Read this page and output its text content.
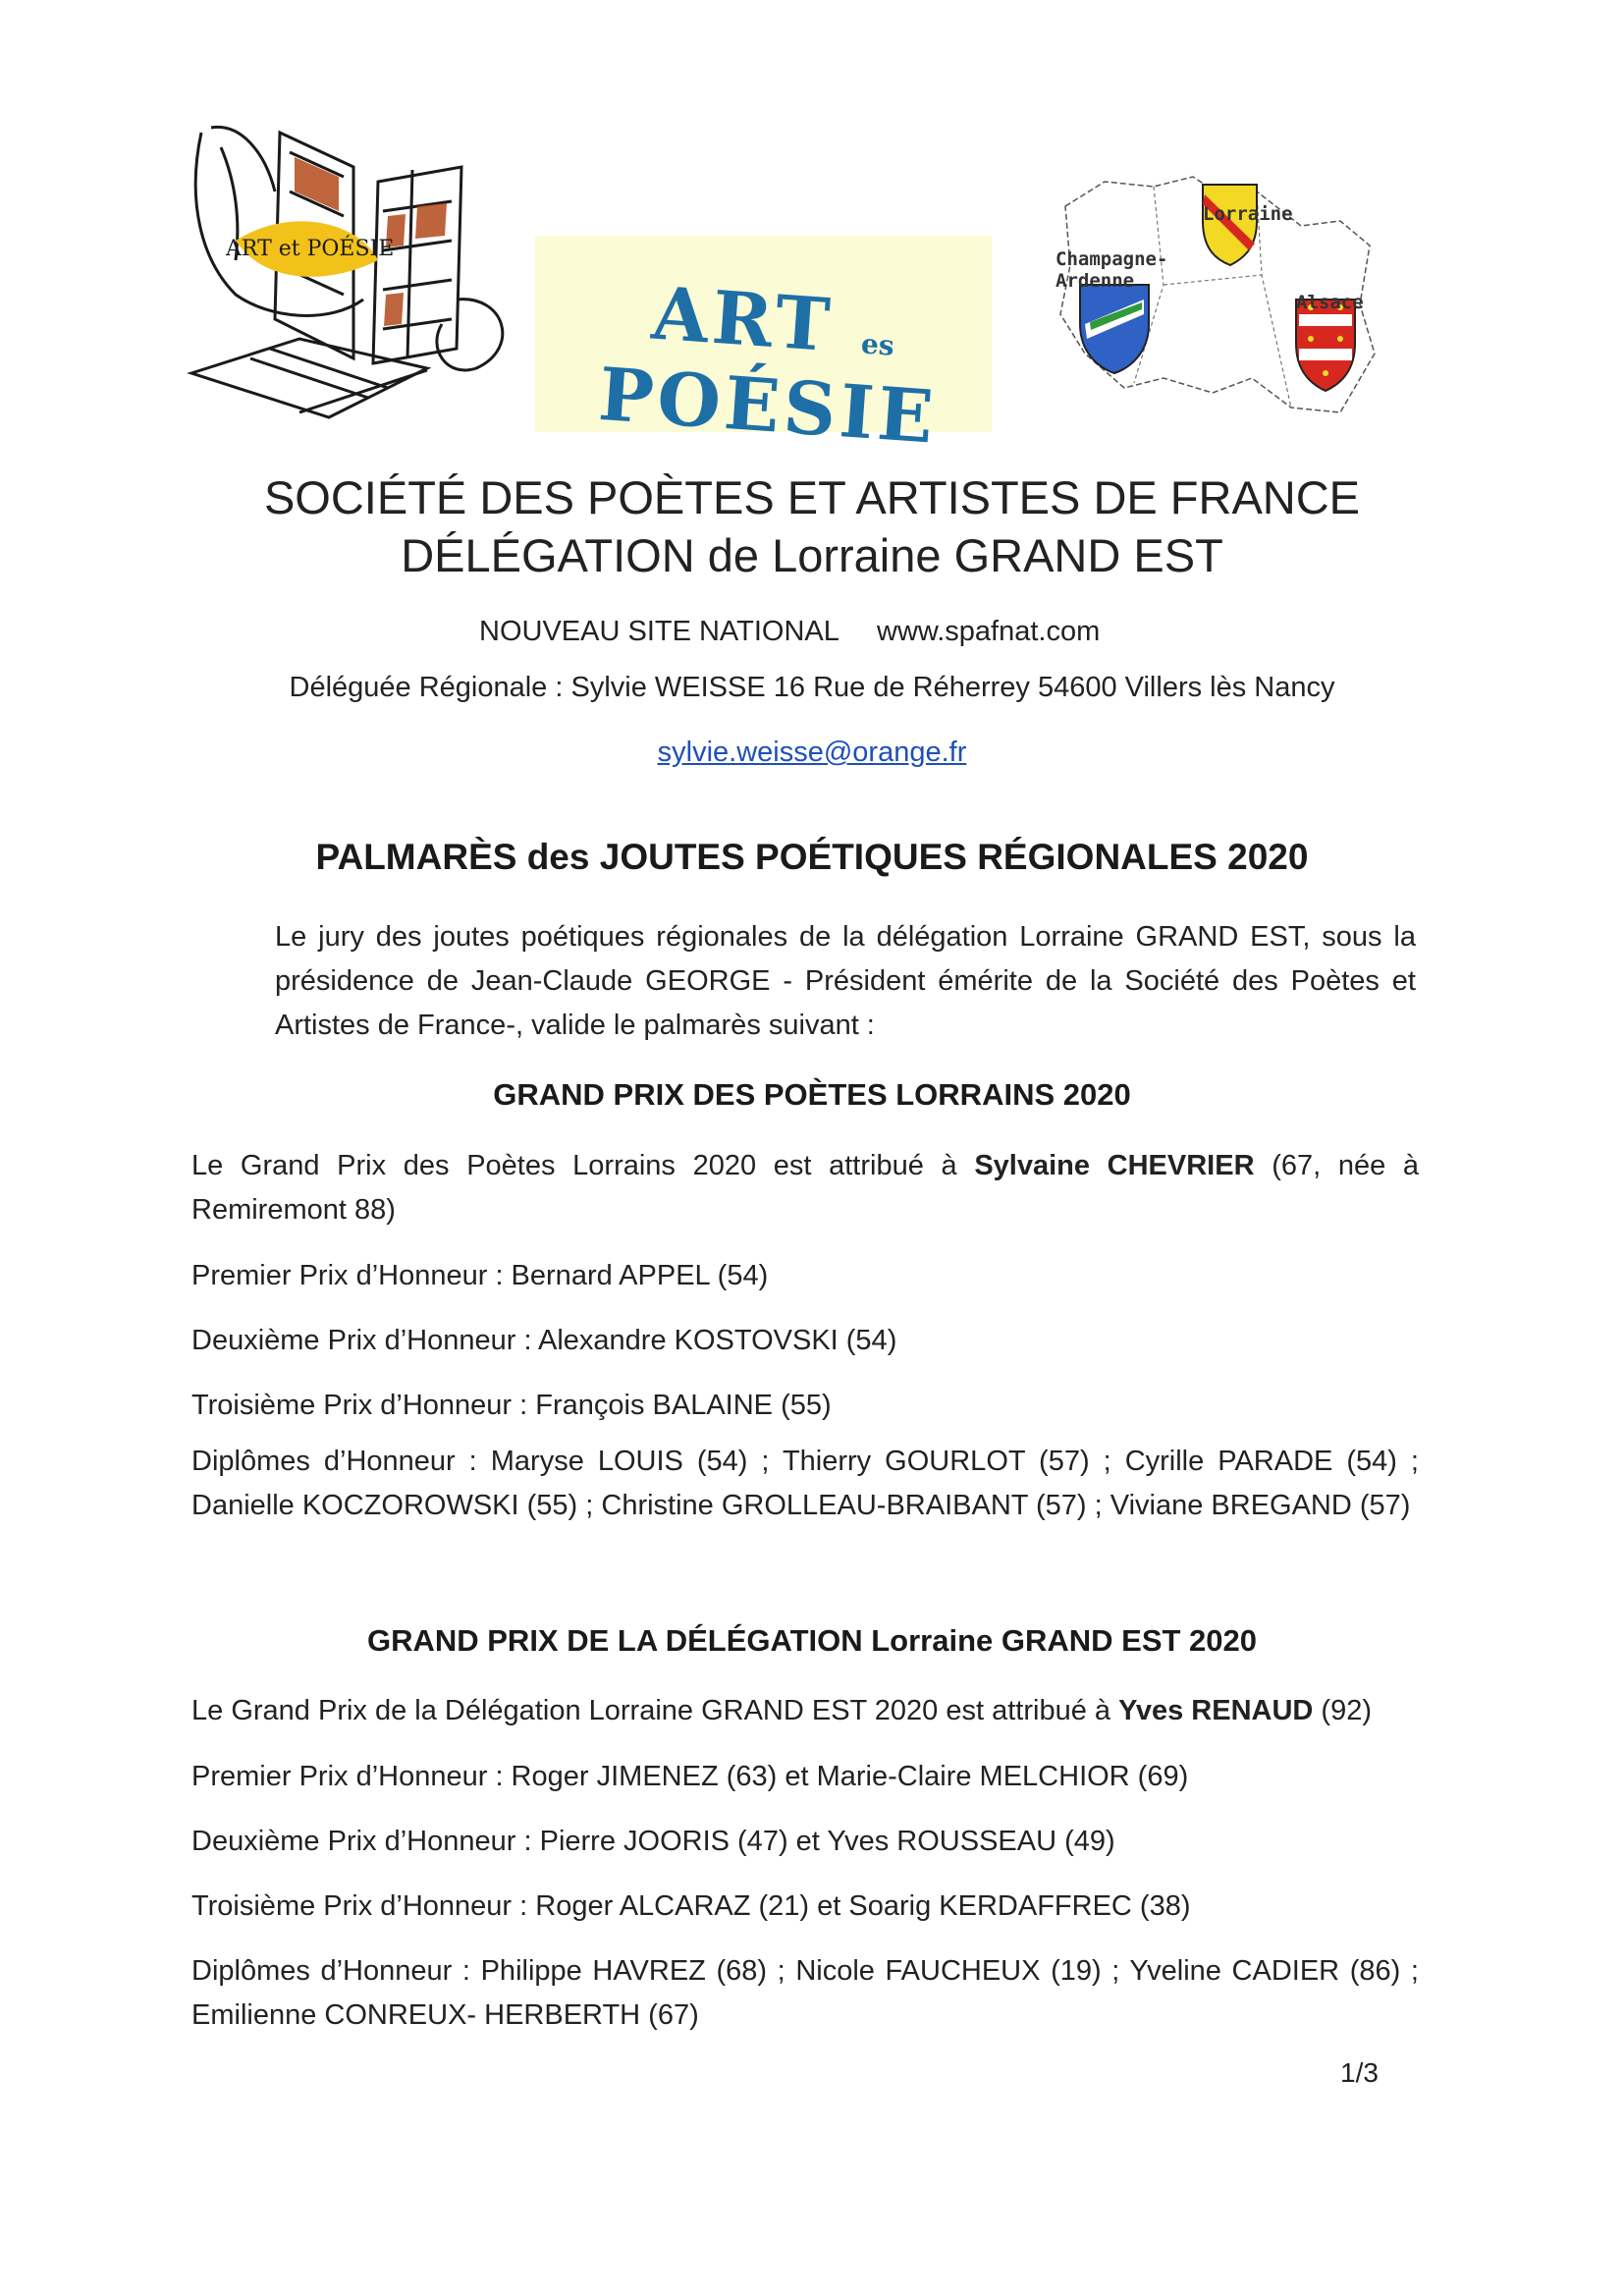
ART et POÉSIE
ART es POÉSIE
Lorraine
Champagne-Ardenne
Alsace
SOCIÉTÉ DES POÈTES ET ARTISTES DE FRANCE
DÉLÉGATION de Lorraine GRAND EST
NOUVEAU SITE NATIONAL www.spafnat.com
Déléguée Régionale : Sylvie WEISSE 16 Rue de Réherrey 54600 Villers lès Nancy
sylvie.weisse@orange.fr
PALMARÈS des JOUTES POÉTIQUES RÉGIONALES 2020
Le jury des joutes poétiques régionales de la délégation Lorraine GRAND EST, sous la présidence de Jean-Claude GEORGE - Président émérite de la Société des Poètes et Artistes de France-, valide le palmarès suivant :
GRAND PRIX DES POÈTES LORRAINS 2020
Le Grand Prix des Poètes Lorrains 2020 est attribué à Sylvaine CHEVRIER (67, née à Remiremont 88)
Premier Prix d’Honneur : Bernard APPEL (54)
Deuxième Prix d’Honneur : Alexandre KOSTOVSKI (54)
Troisième Prix d’Honneur : François BALAINE (55)
Diplômes d’Honneur : Maryse LOUIS (54) ; Thierry GOURLOT (57) ; Cyrille PARADE (54) ; Danielle KOCZOROWSKI (55) ; Christine GROLLEAU-BRAIBANT (57) ; Viviane BREGAND (57)
GRAND PRIX DE LA DÉLÉGATION Lorraine GRAND EST 2020
Le Grand Prix de la Délégation Lorraine GRAND EST 2020 est attribué à Yves RENAUD (92)
Premier Prix d’Honneur : Roger JIMENEZ (63) et Marie-Claire MELCHIOR (69)
Deuxième Prix d’Honneur : Pierre JOORIS (47) et Yves ROUSSEAU (49)
Troisième Prix d’Honneur : Roger ALCARAZ (21) et Soarig KERDAFFREC (38)
Diplômes d’Honneur : Philippe HAVREZ (68) ; Nicole FAUCHEUX (19) ; Yveline CADIER (86) ; Emilienne CONREUX- HERBERTH (67)
1/3
